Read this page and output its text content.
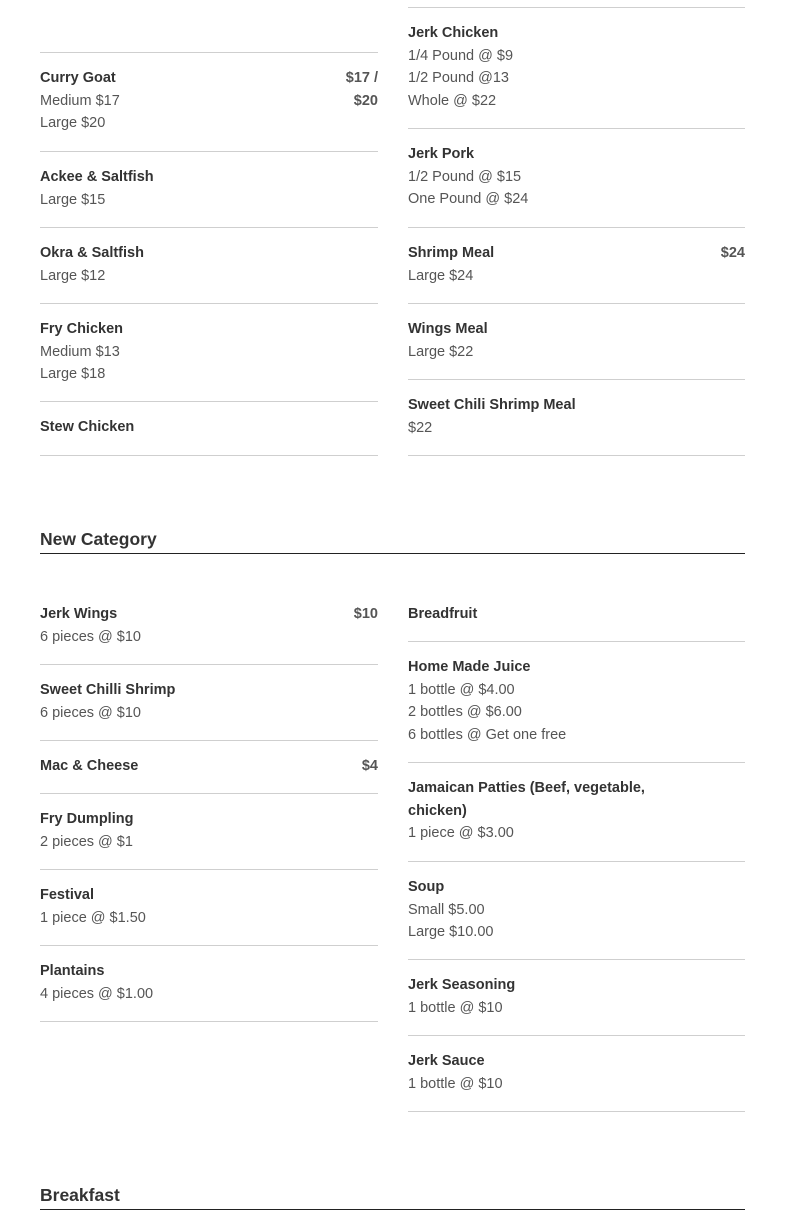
Curry Goat	$17 / $20
Medium $17
Large $20
Ackee & Saltfish
Large $15
Okra & Saltfish
Large $12
Fry Chicken
Medium $13
Large $18
Stew Chicken
Jerk Chicken
1/4 Pound @ $9
1/2 Pound @13
Whole @ $22
Jerk Pork
1/2 Pound @ $15
One Pound @ $24
Shrimp Meal	$24
Large $24
Wings Meal
Large $22
Sweet Chili Shrimp Meal
$22
New Category
Jerk Wings	$10
6 pieces @ $10
Sweet Chilli Shrimp
6 pieces @ $10
Mac & Cheese	$4
Fry Dumpling
2 pieces @ $1
Festival
1 piece @ $1.50
Plantains
4 pieces @ $1.00
Breadfruit
Home Made Juice
1 bottle @ $4.00
2 bottles @ $6.00
6 bottles @ Get one free
Jamaican Patties (Beef, vegetable, chicken)
1 piece @ $3.00
Soup
Small $5.00
Large $10.00
Jerk Seasoning
1 bottle @ $10
Jerk Sauce
1 bottle @ $10
Breakfast
